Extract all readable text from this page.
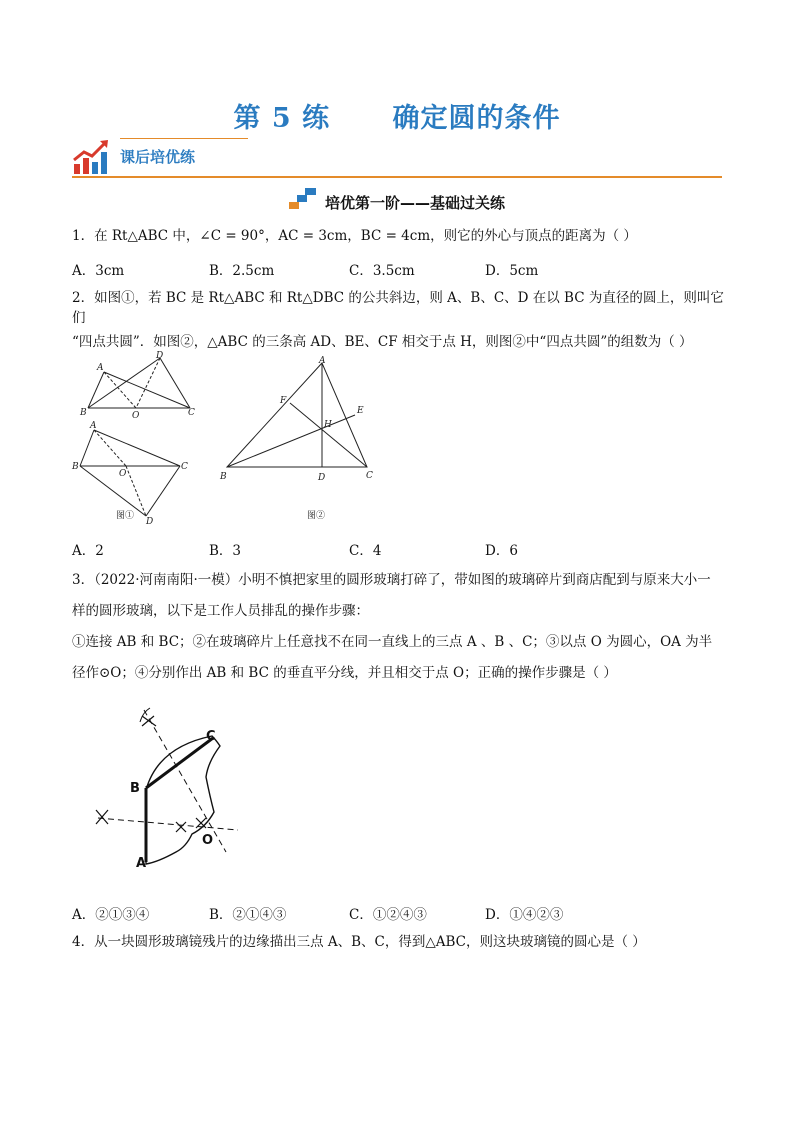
第 5 练      确定圆的条件
课后培优练
培优第一阶——基础过关练
1．在 Rt△ABC 中，∠C = 90°，AC = 3cm，BC = 4cm，则它的外心与顶点的距离为（ ）
A．3cm	B．2.5cm	C．3.5cm	D．5cm
2．如图①，若 BC 是 Rt△ABC 和 Rt△DBC 的公共斜边，则 A、B、C、D 在以 BC 为直径的圆上，则叫它们
“四点共圆”．如图②，△ABC 的三条高 AD、BE、CF 相交于点 H，则图②中“四点共圆”的组数为（ ）
D
A
B	O	C
A
B
O
C
D
图①
A
F
E
H
B	D	C
图②
A．2	B．3	C．4	D．6
3．（2022·河南南阳·一模）小明不慎把家里的圆形玻璃打碎了，带如图的玻璃碎片到商店配到与原来大小一
样的圆形玻璃，以下是工作人员排乱的操作步骤：
①连接 AB 和 BC；②在玻璃碎片上任意找不在同一直线上的三点 A 、B 、C；③以点 O 为圆心，OA 为半
径作⊙O；④分别作出 AB 和 BC 的垂直平分线，并且相交于点 O；正确的操作步骤是（ ）
C
B
A
O
A．②①③④	B．②①④③	C．①②④③	D．①④②③
4．从一块圆形玻璃镜残片的边缘描出三点 A、B、C，得到△ABC，则这块玻璃镜的圆心是（ ）
